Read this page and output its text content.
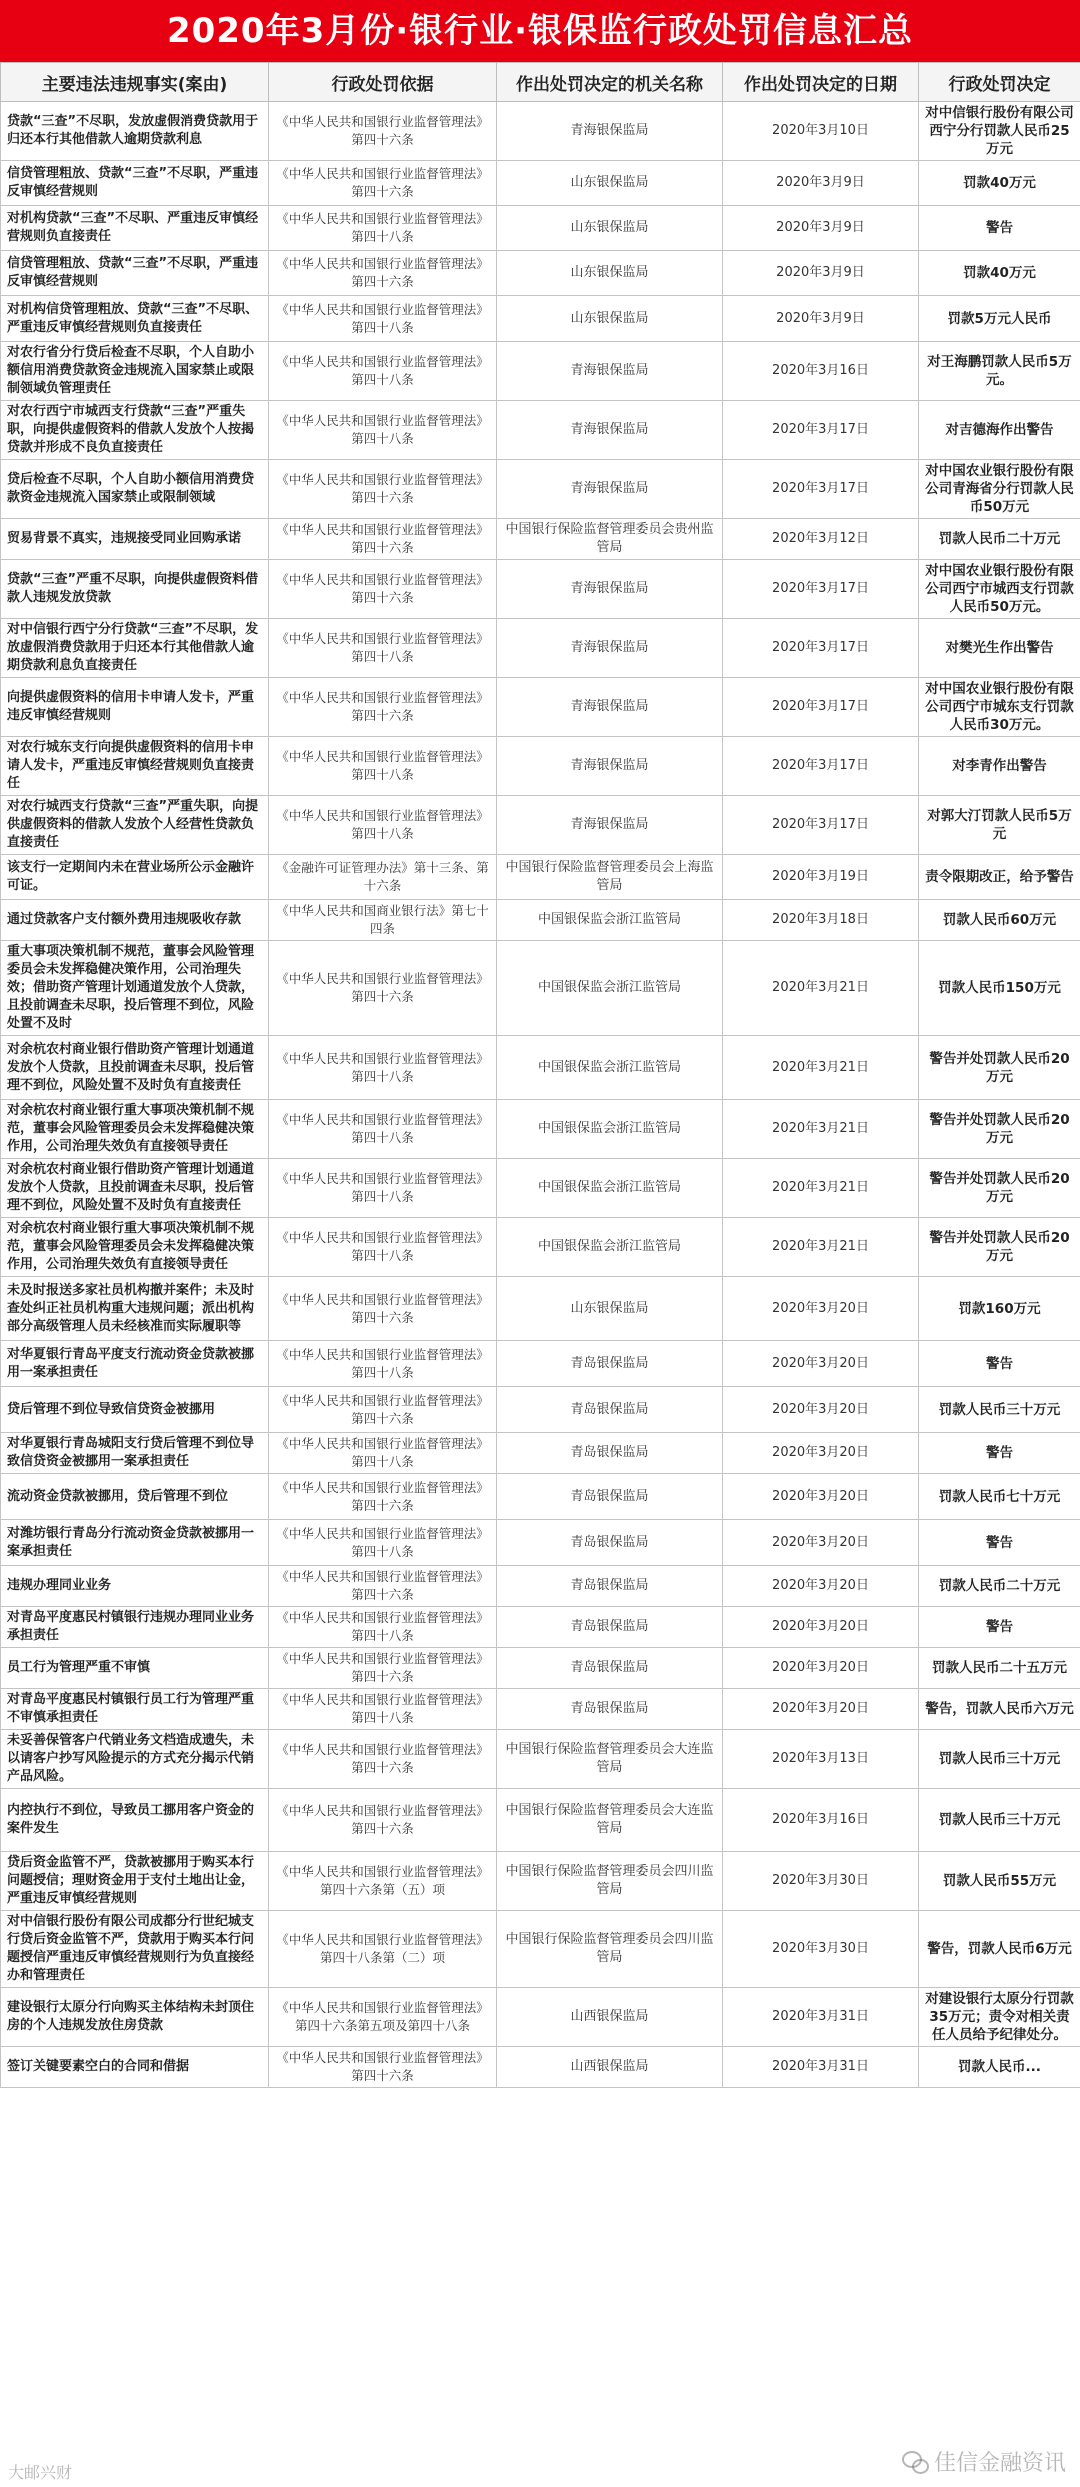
2020年3月份·银行业·银保监行政处罚信息汇总
主要违法违规事实(案由)	行政处罚依据	作出处罚决定的机关名称	作出处罚决定的日期	行政处罚决定
贷款“三查”不尽职，发放虚假消费贷款用于归还本行其他借款人逾期贷款利息	《中华人民共和国银行业监督管理法》第四十六条	青海银保监局	2020年3月10日	对中信银行股份有限公司西宁分行罚款人民币25万元
信贷管理粗放、贷款“三查”不尽职，严重违反审慎经营规则	《中华人民共和国银行业监督管理法》第四十六条	山东银保监局	2020年3月9日	罚款40万元
对机构贷款“三查”不尽职、严重违反审慎经营规则负直接责任	《中华人民共和国银行业监督管理法》第四十八条	山东银保监局	2020年3月9日	警告
信贷管理粗放、贷款“三查”不尽职，严重违反审慎经营规则	《中华人民共和国银行业监督管理法》第四十六条	山东银保监局	2020年3月9日	罚款40万元
对机构信贷管理粗放、贷款“三查”不尽职、严重违反审慎经营规则负直接责任	《中华人民共和国银行业监督管理法》第四十八条	山东银保监局	2020年3月9日	罚款5万元人民币
对农行省分行贷后检查不尽职，个人自助小额信用消费贷款资金违规流入国家禁止或限制领域负管理责任	《中华人民共和国银行业监督管理法》第四十八条	青海银保监局	2020年3月16日	对王海鹏罚款人民币5万元。
对农行西宁市城西支行贷款“三查”严重失职，向提供虚假资料的借款人发放个人按揭贷款并形成不良负直接责任	《中华人民共和国银行业监督管理法》第四十八条	青海银保监局	2020年3月17日	对吉德海作出警告
贷后检查不尽职，个人自助小额信用消费贷款资金违规流入国家禁止或限制领域	《中华人民共和国银行业监督管理法》第四十六条	青海银保监局	2020年3月17日	对中国农业银行股份有限公司青海省分行罚款人民币50万元
贸易背景不真实，违规接受同业回购承诺	《中华人民共和国银行业监督管理法》第四十六条	中国银行保险监督管理委员会贵州监管局	2020年3月12日	罚款人民币二十万元
贷款“三查”严重不尽职，向提供虚假资料借款人违规发放贷款	《中华人民共和国银行业监督管理法》第四十六条	青海银保监局	2020年3月17日	对中国农业银行股份有限公司西宁市城西支行罚款人民币50万元。
对中信银行西宁分行贷款“三查”不尽职，发放虚假消费贷款用于归还本行其他借款人逾期贷款利息负直接责任	《中华人民共和国银行业监督管理法》第四十八条	青海银保监局	2020年3月17日	对樊光生作出警告
向提供虚假资料的信用卡申请人发卡，严重违反审慎经营规则	《中华人民共和国银行业监督管理法》第四十六条	青海银保监局	2020年3月17日	对中国农业银行股份有限公司西宁市城东支行罚款人民币30万元。
对农行城东支行向提供虚假资料的信用卡申请人发卡，严重违反审慎经营规则负直接责任	《中华人民共和国银行业监督管理法》第四十八条	青海银保监局	2020年3月17日	对李青作出警告
对农行城西支行贷款“三查”严重失职，向提供虚假资料的借款人发放个人经营性贷款负直接责任	《中华人民共和国银行业监督管理法》第四十八条	青海银保监局	2020年3月17日	对郭大汀罚款人民币5万元
该支行一定期间内未在营业场所公示金融许可证。	《金融许可证管理办法》第十三条、第十六条	中国银行保险监督管理委员会上海监管局	2020年3月19日	责令限期改正，给予警告
通过贷款客户支付额外费用违规吸收存款	《中华人民共和国商业银行法》第七十四条	中国银保监会浙江监管局	2020年3月18日	罚款人民币60万元
重大事项决策机制不规范，董事会风险管理委员会未发挥稳健决策作用，公司治理失效；借助资产管理计划通道发放个人贷款，且投前调查未尽职，投后管理不到位，风险处置不及时	《中华人民共和国银行业监督管理法》第四十六条	中国银保监会浙江监管局	2020年3月21日	罚款人民币150万元
对余杭农村商业银行借助资产管理计划通道发放个人贷款，且投前调查未尽职，投后管理不到位，风险处置不及时负有直接责任	《中华人民共和国银行业监督管理法》第四十八条	中国银保监会浙江监管局	2020年3月21日	警告并处罚款人民币20万元
对余杭农村商业银行重大事项决策机制不规范，董事会风险管理委员会未发挥稳健决策作用，公司治理失效负有直接领导责任	《中华人民共和国银行业监督管理法》第四十八条	中国银保监会浙江监管局	2020年3月21日	警告并处罚款人民币20万元
对余杭农村商业银行借助资产管理计划通道发放个人贷款，且投前调查未尽职，投后管理不到位，风险处置不及时负有直接责任	《中华人民共和国银行业监督管理法》第四十八条	中国银保监会浙江监管局	2020年3月21日	警告并处罚款人民币20万元
对余杭农村商业银行重大事项决策机制不规范，董事会风险管理委员会未发挥稳健决策作用，公司治理失效负有直接领导责任	《中华人民共和国银行业监督管理法》第四十八条	中国银保监会浙江监管局	2020年3月21日	警告并处罚款人民币20万元
未及时报送多家社员机构撤并案件；未及时查处纠正社员机构重大违规问题；派出机构部分高级管理人员未经核准而实际履职等	《中华人民共和国银行业监督管理法》第四十六条	山东银保监局	2020年3月20日	罚款160万元
对华夏银行青岛平度支行流动资金贷款被挪用一案承担责任	《中华人民共和国银行业监督管理法》第四十八条	青岛银保监局	2020年3月20日	警告
贷后管理不到位导致信贷资金被挪用	《中华人民共和国银行业监督管理法》第四十六条	青岛银保监局	2020年3月20日	罚款人民币三十万元
对华夏银行青岛城阳支行贷后管理不到位导致信贷资金被挪用一案承担责任	《中华人民共和国银行业监督管理法》第四十八条	青岛银保监局	2020年3月20日	警告
流动资金贷款被挪用，贷后管理不到位	《中华人民共和国银行业监督管理法》第四十六条	青岛银保监局	2020年3月20日	罚款人民币七十万元
对潍坊银行青岛分行流动资金贷款被挪用一案承担责任	《中华人民共和国银行业监督管理法》第四十八条	青岛银保监局	2020年3月20日	警告
违规办理同业业务	《中华人民共和国银行业监督管理法》第四十六条	青岛银保监局	2020年3月20日	罚款人民币二十万元
对青岛平度惠民村镇银行违规办理同业业务承担责任	《中华人民共和国银行业监督管理法》第四十八条	青岛银保监局	2020年3月20日	警告
员工行为管理严重不审慎	《中华人民共和国银行业监督管理法》第四十六条	青岛银保监局	2020年3月20日	罚款人民币二十五万元
对青岛平度惠民村镇银行员工行为管理严重不审慎承担责任	《中华人民共和国银行业监督管理法》第四十八条	青岛银保监局	2020年3月20日	警告，罚款人民币六万元
未妥善保管客户代销业务文档造成遗失，未以请客户抄写风险提示的方式充分揭示代销产品风险。	《中华人民共和国银行业监督管理法》第四十六条	中国银行保险监督管理委员会大连监管局	2020年3月13日	罚款人民币三十万元
内控执行不到位，导致员工挪用客户资金的案件发生	《中华人民共和国银行业监督管理法》第四十六条	中国银行保险监督管理委员会大连监管局	2020年3月16日	罚款人民币三十万元
贷后资金监管不严，贷款被挪用于购买本行问题授信；理财资金用于支付土地出让金，严重违反审慎经营规则	《中华人民共和国银行业监督管理法》第四十六条第（五）项	中国银行保险监督管理委员会四川监管局	2020年3月30日	罚款人民币55万元
对中信银行股份有限公司成都分行世纪城支行贷后资金监管不严，贷款用于购买本行问题授信严重违反审慎经营规则行为负直接经办和管理责任	《中华人民共和国银行业监督管理法》第四十八条第（二）项	中国银行保险监督管理委员会四川监管局	2020年3月30日	警告，罚款人民币6万元
建设银行太原分行向购买主体结构未封顶住房的个人违规发放住房贷款	《中华人民共和国银行业监督管理法》第四十六条第五项及第四十八条	山西银保监局	2020年3月31日	对建设银行太原分行罚款35万元；责令对相关责任人员给予纪律处分。
签订关键要素空白的合同和借据	《中华人民共和国银行业监督管理法》第四十六条	山西银保监局	2020年3月31日	罚款人民币...
大邮兴财	佳信金融资讯
